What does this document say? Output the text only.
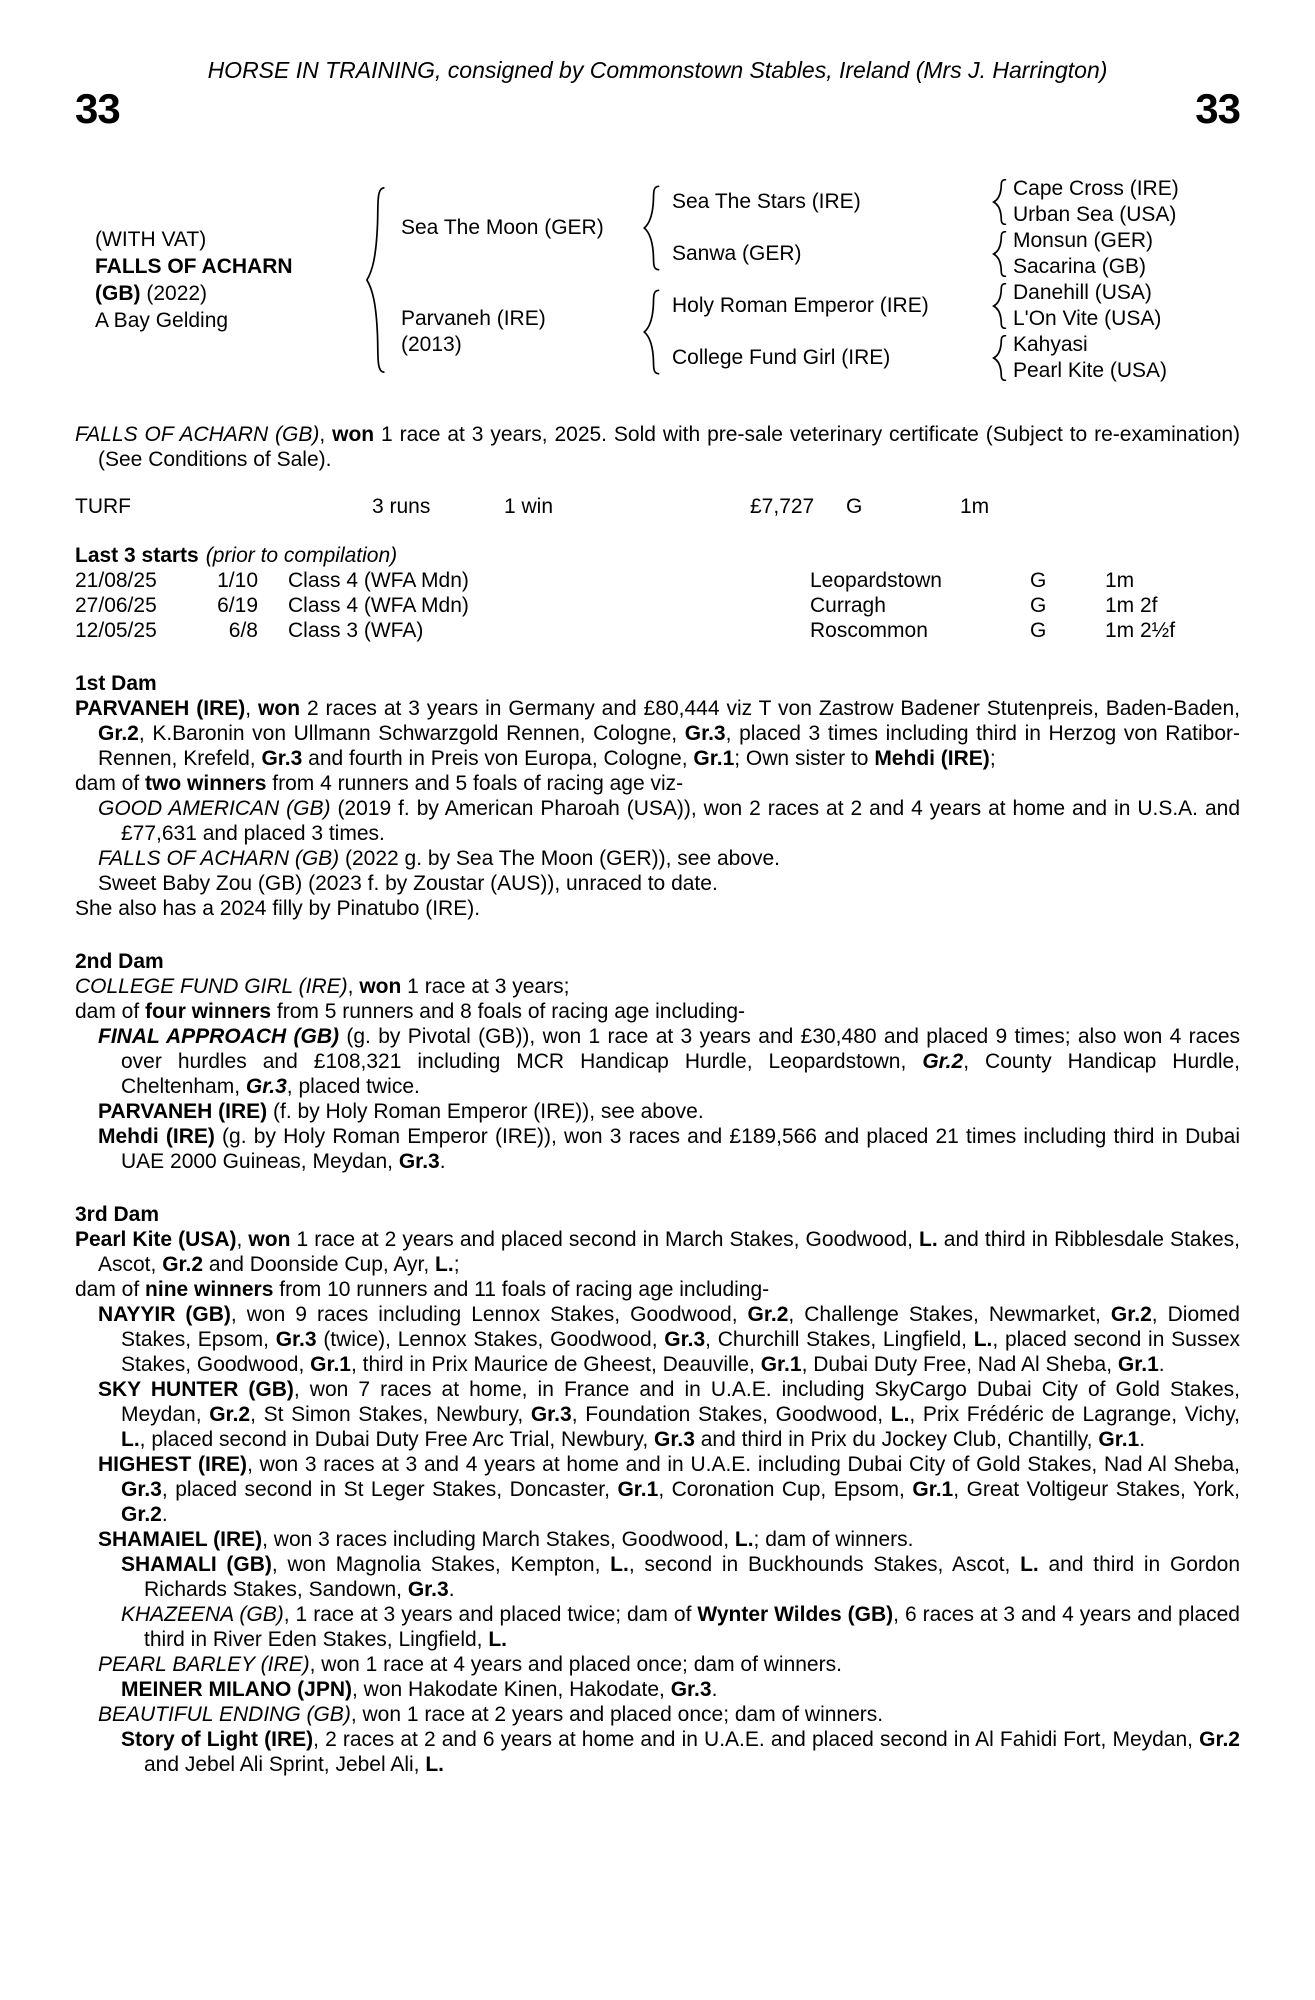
HORSE IN TRAINING, consigned by Commonstown Stables, Ireland (Mrs J. Harrington)
33	33
(WITH VAT)
FALLS OF ACHARN
(GB) (2022)
A Bay Gelding
Sea The Moon (GER)
Sea The Stars (IRE)
Cape Cross (IRE)
Urban Sea (USA)
Sanwa (GER)
Monsun (GER)
Sacarina (GB)
Parvaneh (IRE)
(2013)
Holy Roman Emperor (IRE)
Danehill (USA)
L'On Vite (USA)
College Fund Girl (IRE)
Kahyasi
Pearl Kite (USA)

FALLS OF ACHARN (GB), won 1 race at 3 years, 2025. Sold with pre-sale veterinary certificate (Subject to re-examination) (See Conditions of Sale).

TURF	3 runs	1 win	£7,727	G	1m
Last 3 starts (prior to compilation)
21/08/25	1/10	Class 4 (WFA Mdn)	Leopardstown	G	1m
27/06/25	6/19	Class 4 (WFA Mdn)	Curragh	G	1m 2f
12/05/25	6/8	Class 3 (WFA)	Roscommon	G	1m 2½f
1st Dam

PARVANEH (IRE), won 2 races at 3 years in Germany and £80,444 viz T von Zastrow Badener Stutenpreis, Baden-Baden, Gr.2, K.Baronin von Ullmann Schwarzgold Rennen, Cologne, Gr.3, placed 3 times including third in Herzog von Ratibor-Rennen, Krefeld, Gr.3 and fourth in Preis von Europa, Cologne, Gr.1; Own sister to Mehdi (IRE);

dam of two winners from 4 runners and 5 foals of racing age viz-

GOOD AMERICAN (GB) (2019 f. by American Pharoah (USA)), won 2 races at 2 and 4 years at home and in U.S.A. and £77,631 and placed 3 times.

FALLS OF ACHARN (GB) (2022 g. by Sea The Moon (GER)), see above.

Sweet Baby Zou (GB) (2023 f. by Zoustar (AUS)), unraced to date.

She also has a 2024 filly by Pinatubo (IRE).

2nd Dam

COLLEGE FUND GIRL (IRE), won 1 race at 3 years;

dam of four winners from 5 runners and 8 foals of racing age including-

FINAL APPROACH (GB) (g. by Pivotal (GB)), won 1 race at 3 years and £30,480 and placed 9 times; also won 4 races over hurdles and £108,321 including MCR Handicap Hurdle, Leopardstown, Gr.2, County Handicap Hurdle, Cheltenham, Gr.3, placed twice.

PARVANEH (IRE) (f. by Holy Roman Emperor (IRE)), see above.

Mehdi (IRE) (g. by Holy Roman Emperor (IRE)), won 3 races and £189,566 and placed 21 times including third in Dubai UAE 2000 Guineas, Meydan, Gr.3.

3rd Dam

Pearl Kite (USA), won 1 race at 2 years and placed second in March Stakes, Goodwood, L. and third in Ribblesdale Stakes, Ascot, Gr.2 and Doonside Cup, Ayr, L.;

dam of nine winners from 10 runners and 11 foals of racing age including-

NAYYIR (GB), won 9 races including Lennox Stakes, Goodwood, Gr.2, Challenge Stakes, Newmarket, Gr.2, Diomed Stakes, Epsom, Gr.3 (twice), Lennox Stakes, Goodwood, Gr.3, Churchill Stakes, Lingfield, L., placed second in Sussex Stakes, Goodwood, Gr.1, third in Prix Maurice de Gheest, Deauville, Gr.1, Dubai Duty Free, Nad Al Sheba, Gr.1.

SKY HUNTER (GB), won 7 races at home, in France and in U.A.E. including SkyCargo Dubai City of Gold Stakes, Meydan, Gr.2, St Simon Stakes, Newbury, Gr.3, Foundation Stakes, Goodwood, L., Prix Frédéric de Lagrange, Vichy, L., placed second in Dubai Duty Free Arc Trial, Newbury, Gr.3 and third in Prix du Jockey Club, Chantilly, Gr.1.

HIGHEST (IRE), won 3 races at 3 and 4 years at home and in U.A.E. including Dubai City of Gold Stakes, Nad Al Sheba, Gr.3, placed second in St Leger Stakes, Doncaster, Gr.1, Coronation Cup, Epsom, Gr.1, Great Voltigeur Stakes, York, Gr.2.

SHAMAIEL (IRE), won 3 races including March Stakes, Goodwood, L.; dam of winners.

SHAMALI (GB), won Magnolia Stakes, Kempton, L., second in Buckhounds Stakes, Ascot, L. and third in Gordon Richards Stakes, Sandown, Gr.3.

KHAZEENA (GB), 1 race at 3 years and placed twice; dam of Wynter Wildes (GB), 6 races at 3 and 4 years and placed third in River Eden Stakes, Lingfield, L.

PEARL BARLEY (IRE), won 1 race at 4 years and placed once; dam of winners.

MEINER MILANO (JPN), won Hakodate Kinen, Hakodate, Gr.3.

BEAUTIFUL ENDING (GB), won 1 race at 2 years and placed once; dam of winners.

Story of Light (IRE), 2 races at 2 and 6 years at home and in U.A.E. and placed second in Al Fahidi Fort, Meydan, Gr.2 and Jebel Ali Sprint, Jebel Ali, L.
